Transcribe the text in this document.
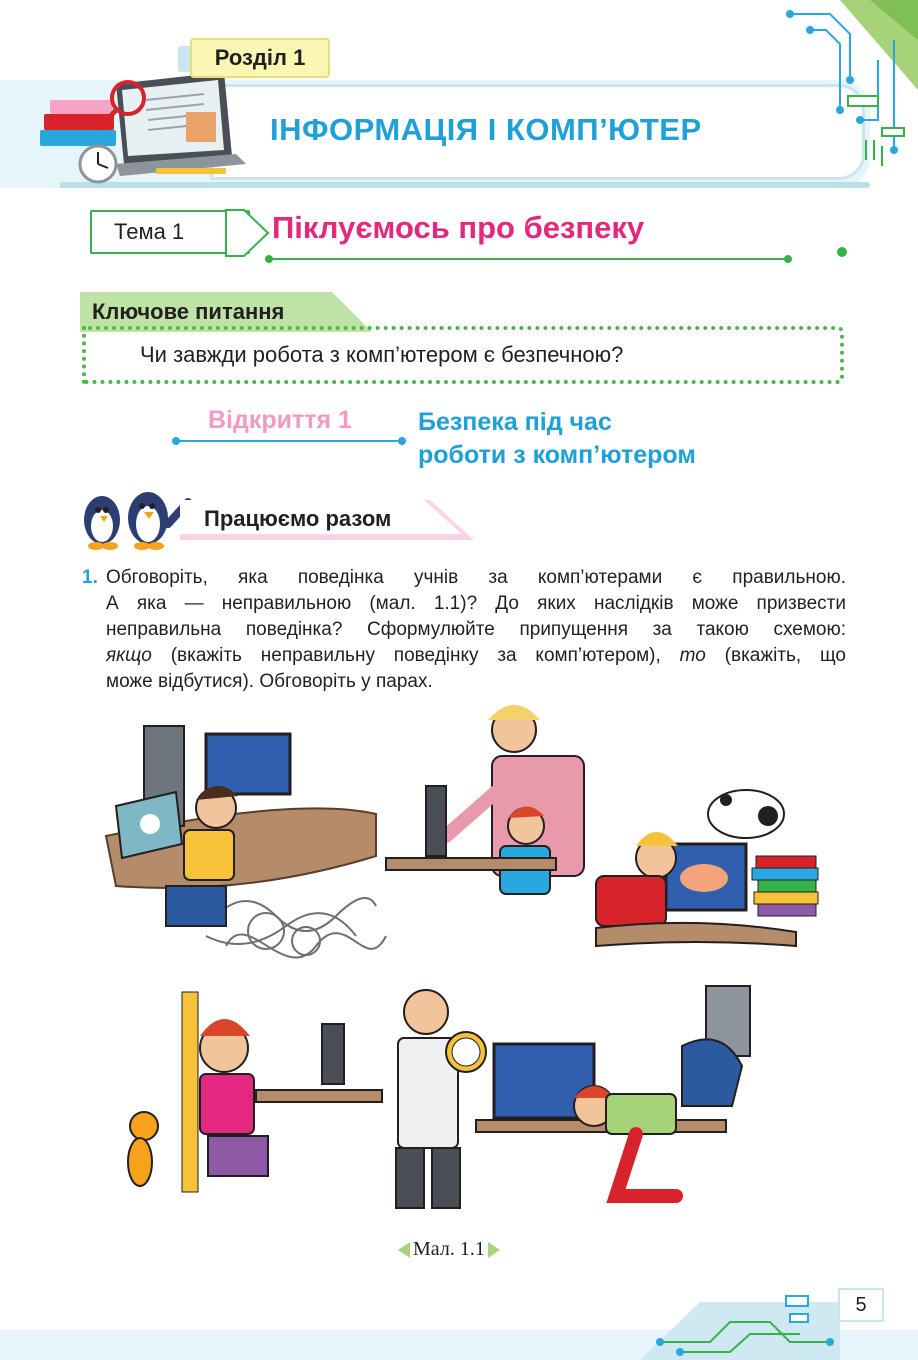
Розділ 1
ІНФОРМАЦІЯ І КОМП’ЮТЕР
Тема 1	Піклуємось про безпеку
Ключове питання
Чи завжди робота з комп’ютером є безпечною?
Відкриття 1	Безпека під час
роботи з комп’ютером
Працюємо разом
1. Обговоріть, яка поведінка учнів за комп’ютерами є правильною.
А яка — неправильною (мал. 1.1)? До яких наслідків може призвести
неправильна поведінка? Сформулюйте припущення за такою схемою:
якщо (вкажіть неправильну поведінку за комп’ютером), то (вкажіть, що
може відбутися). Обговоріть у парах.
Мал. 1.1
5
